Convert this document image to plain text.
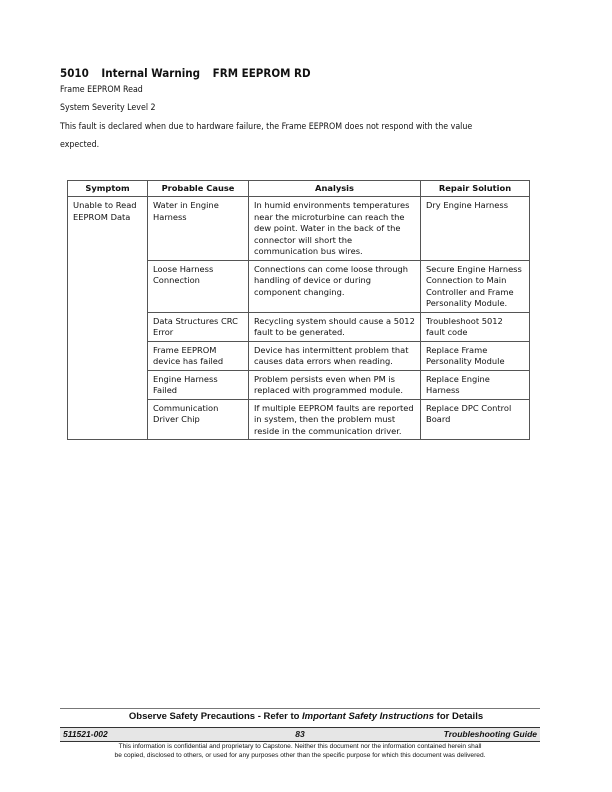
5010 Internal Warning FRM EEPROM RD
Frame EEPROM Read
System Severity Level 2
This fault is declared when due to hardware failure, the Frame EEPROM does not respond with the value
expected.
Symptom	Probable Cause	Analysis	Repair Solution
Unable to Read EEPROM Data	Water in Engine Harness	In humid environments temperatures near the microturbine can reach the dew point. Water in the back of the connector will short the communication bus wires.	Dry Engine Harness
	Loose Harness Connection	Connections can come loose through handling of device or during component changing.	Secure Engine Harness Connection to Main Controller and Frame Personality Module.
	Data Structures CRC Error	Recycling system should cause a 5012 fault to be generated.	Troubleshoot 5012 fault code
	Frame EEPROM device has failed	Device has intermittent problem that causes data errors when reading.	Replace Frame Personality Module
	Engine Harness Failed	Problem persists even when PM is replaced with programmed module.	Replace Engine Harness
	Communication Driver Chip	If multiple EEPROM faults are reported in system, then the problem must reside in the communication driver.	Replace DPC Control Board
Observe Safety Precautions - Refer to Important Safety Instructions for Details
511521-002	83	Troubleshooting Guide
This information is confidential and proprietary to Capstone. Neither this document nor the information contained herein shall
be copied, disclosed to others, or used for any purposes other than the specific purpose for which this document was delivered.
